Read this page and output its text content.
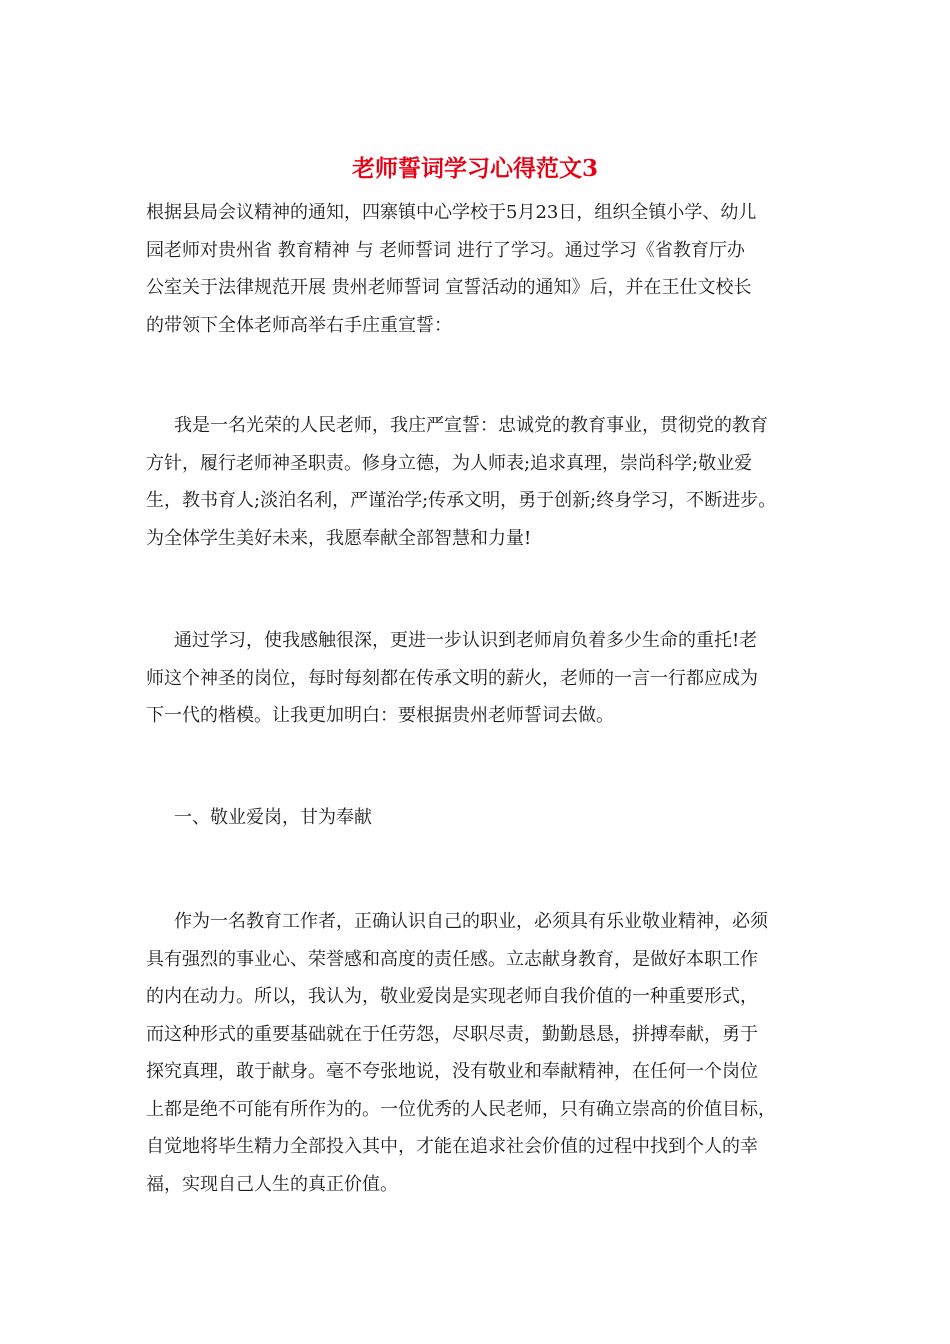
老师誓词学习心得范文3

根据县局会议精神的通知，四寨镇中心学校于5月23日，组织全镇小学、幼儿
园老师对贵州省 教育精神 与 老师誓词 进行了学习。通过学习《省教育厅办
公室关于法律规范开展 贵州老师誓词 宣誓活动的通知》后，并在王仕文校长
的带领下全体老师高举右手庄重宣誓：

我是一名光荣的人民老师，我庄严宣誓：忠诚党的教育事业，贯彻党的教育
方针，履行老师神圣职责。修身立德，为人师表;追求真理，崇尚科学;敬业爱
生，教书育人;淡泊名利，严谨治学;传承文明，勇于创新;终身学习，不断进步。
为全体学生美好未来，我愿奉献全部智慧和力量!

通过学习，使我感触很深，更进一步认识到老师肩负着多少生命的重托!老
师这个神圣的岗位，每时每刻都在传承文明的薪火，老师的一言一行都应成为
下一代的楷模。让我更加明白：要根据贵州老师誓词去做。

一、敬业爱岗，甘为奉献

作为一名教育工作者，正确认识自己的职业，必须具有乐业敬业精神，必须
具有强烈的事业心、荣誉感和高度的责任感。立志献身教育，是做好本职工作
的内在动力。所以，我认为，敬业爱岗是实现老师自我价值的一种重要形式，
而这种形式的重要基础就在于任劳怨，尽职尽责，勤勤恳恳，拼搏奉献，勇于
探究真理，敢于献身。毫不夸张地说，没有敬业和奉献精神，在任何一个岗位
上都是绝不可能有所作为的。一位优秀的人民老师，只有确立崇高的价值目标，
自觉地将毕生精力全部投入其中，才能在追求社会价值的过程中找到个人的幸
福，实现自己人生的真正价值。
